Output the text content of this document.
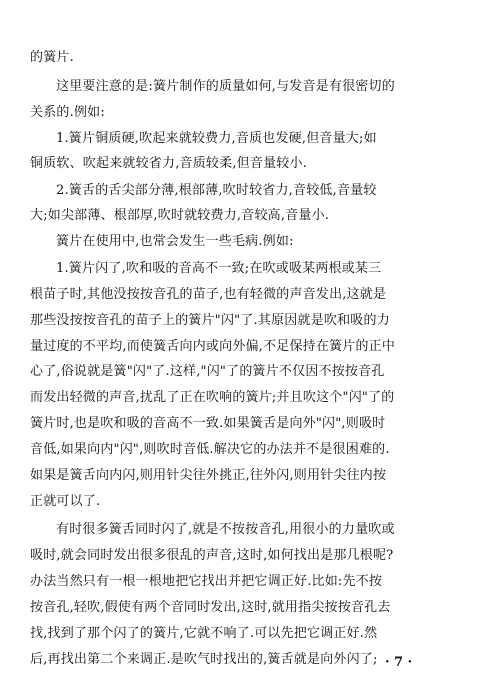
的簧片.
这里要注意的是:簧片制作的质量如何,与发音是有很密切的
关系的.例如:
1.簧片铜质硬,吹起来就较费力,音质也发硬,但音量大;如
铜质软、吹起来就较省力,音质较柔,但音量较小.
2.簧舌的舌尖部分薄,根部薄,吹时较省力,音较低,音量较
大;如尖部薄、根部厚,吹时就较费力,音较高,音量小.
簧片在使用中,也常会发生一些毛病.例如:
1.簧片闪了,吹和吸的音高不一致;在吹或吸某两根或某三
根苗子时,其他没按按音孔的苗子,也有轻微的声音发出,这就是
那些没按按音孔的苗子上的簧片"闪"了.其原因就是吹和吸的力
量过度的不平均,而使簧舌向内或向外偏,不足保持在簧片的正中
心了,俗说就是簧"闪"了.这样,"闪"了的簧片不仅因不按按音孔
而发出轻微的声音,扰乱了正在吹响的簧片;并且吹这个"闪"了的
簧片时,也是吹和吸的音高不一致.如果簧舌是向外"闪",则吸时
音低,如果向内"闪",则吹时音低.解决它的办法并不是很困难的.
如果是簧舌向内闪,则用针尖往外挑正,往外闪,则用针尖往内按
正就可以了.
有时很多簧舌同时闪了,就是不按按音孔,用很小的力量吹或
吸时,就会同时发出很多很乱的声音,这时,如何找出是那几根呢?
办法当然只有一根一根地把它找出并把它调正好.比如:先不按
按音孔,轻吹,假使有两个音同时发出,这时,就用指尖按按音孔去
找,找到了那个闪了的簧片,它就不响了.可以先把它调正好.然
后,再找出第二个来调正.是吹气时找出的,簧舌就是向外闪了; · 7 ·
